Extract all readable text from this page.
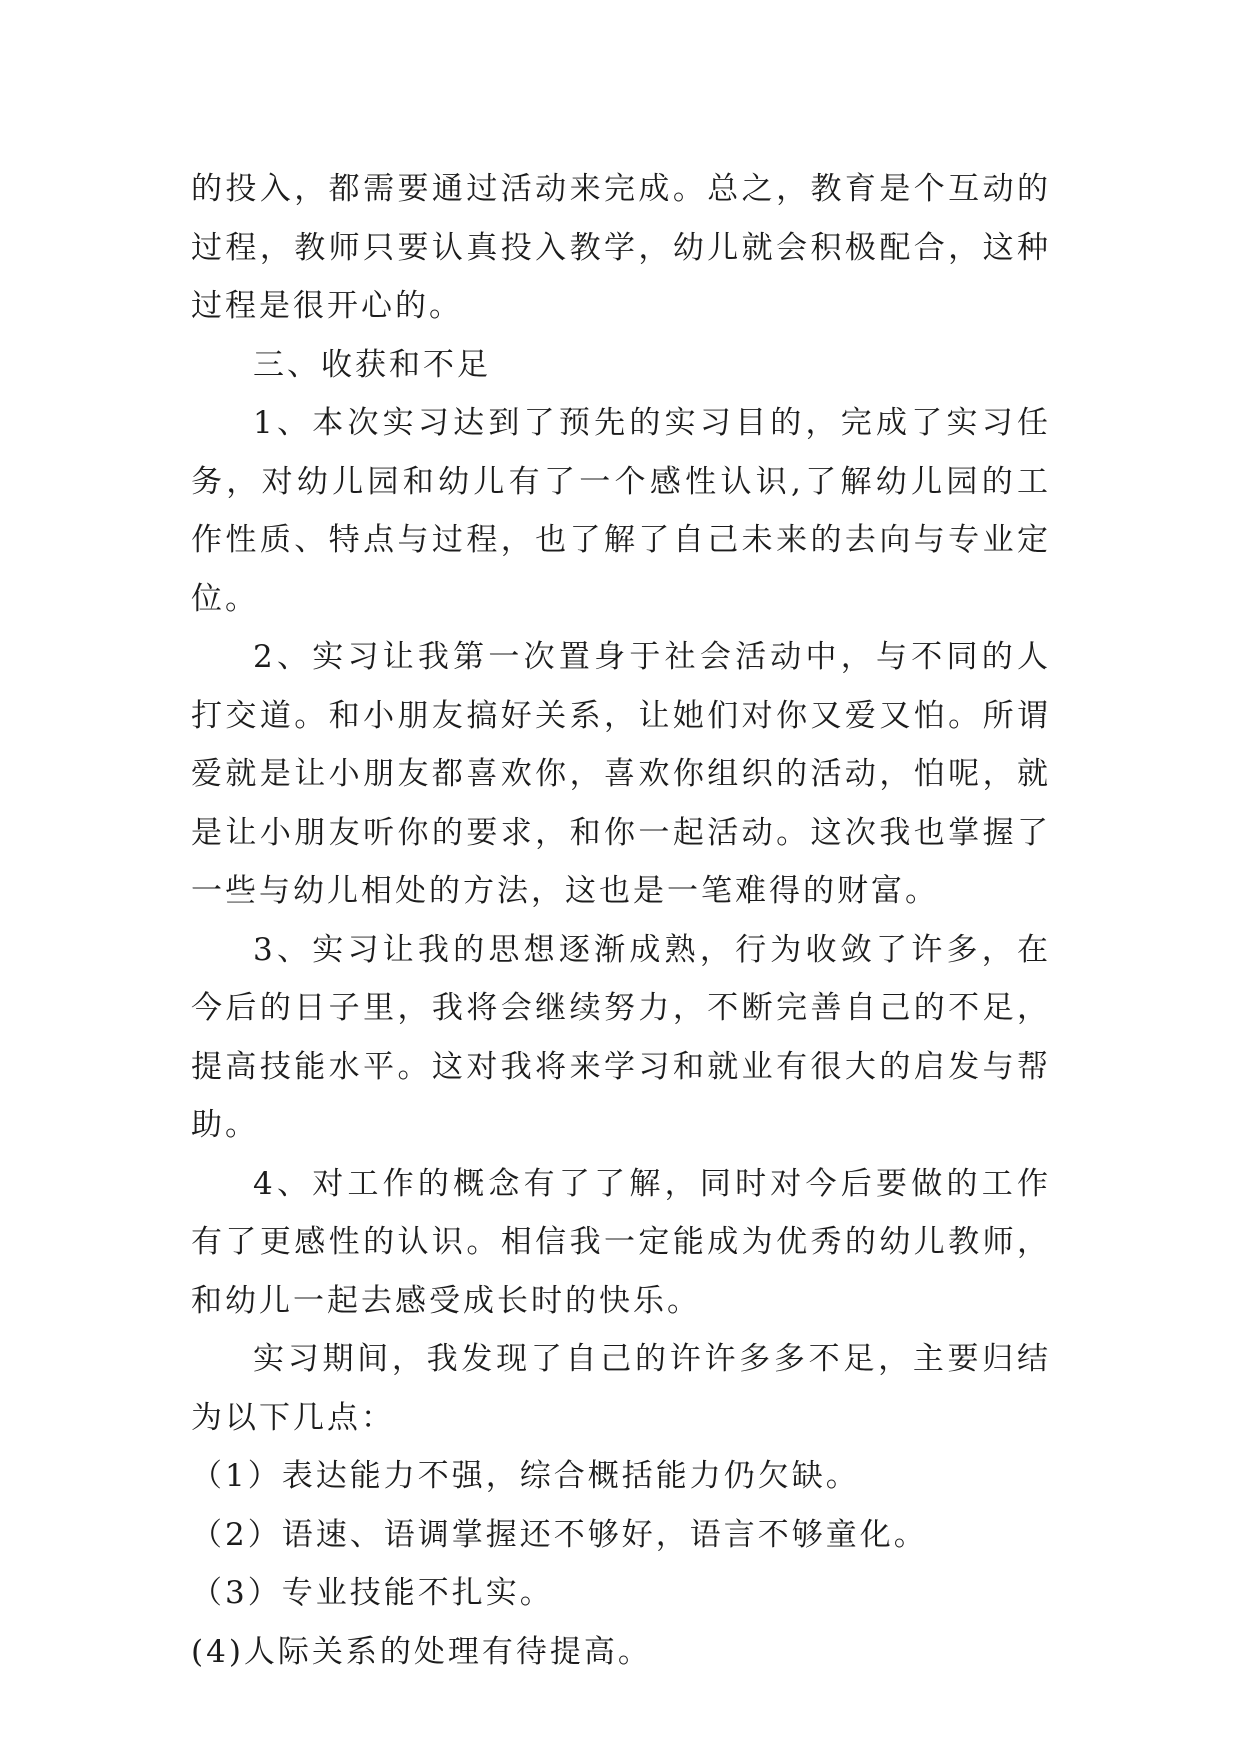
的投入，都需要通过活动来完成。总之，教育是个互动的过程，教师只要认真投入教学，幼儿就会积极配合，这种过程是很开心的。

三、收获和不足

1、本次实习达到了预先的实习目的，完成了实习任务，对幼儿园和幼儿有了一个感性认识,了解幼儿园的工作性质、特点与过程，也了解了自己未来的去向与专业定位。

2、实习让我第一次置身于社会活动中，与不同的人打交道。和小朋友搞好关系，让她们对你又爱又怕。所谓爱就是让小朋友都喜欢你，喜欢你组织的活动，怕呢，就是让小朋友听你的要求，和你一起活动。这次我也掌握了一些与幼儿相处的方法，这也是一笔难得的财富。

3、实习让我的思想逐渐成熟，行为收敛了许多，在今后的日子里，我将会继续努力，不断完善自己的不足，提高技能水平。这对我将来学习和就业有很大的启发与帮助。

4、对工作的概念有了了解，同时对今后要做的工作有了更感性的认识。相信我一定能成为优秀的幼儿教师，和幼儿一起去感受成长时的快乐。

实习期间，我发现了自己的许许多多不足，主要归结为以下几点：

（1）表达能力不强，综合概括能力仍欠缺。

（2）语速、语调掌握还不够好，语言不够童化。

（3）专业技能不扎实。

(4)人际关系的处理有待提高。
